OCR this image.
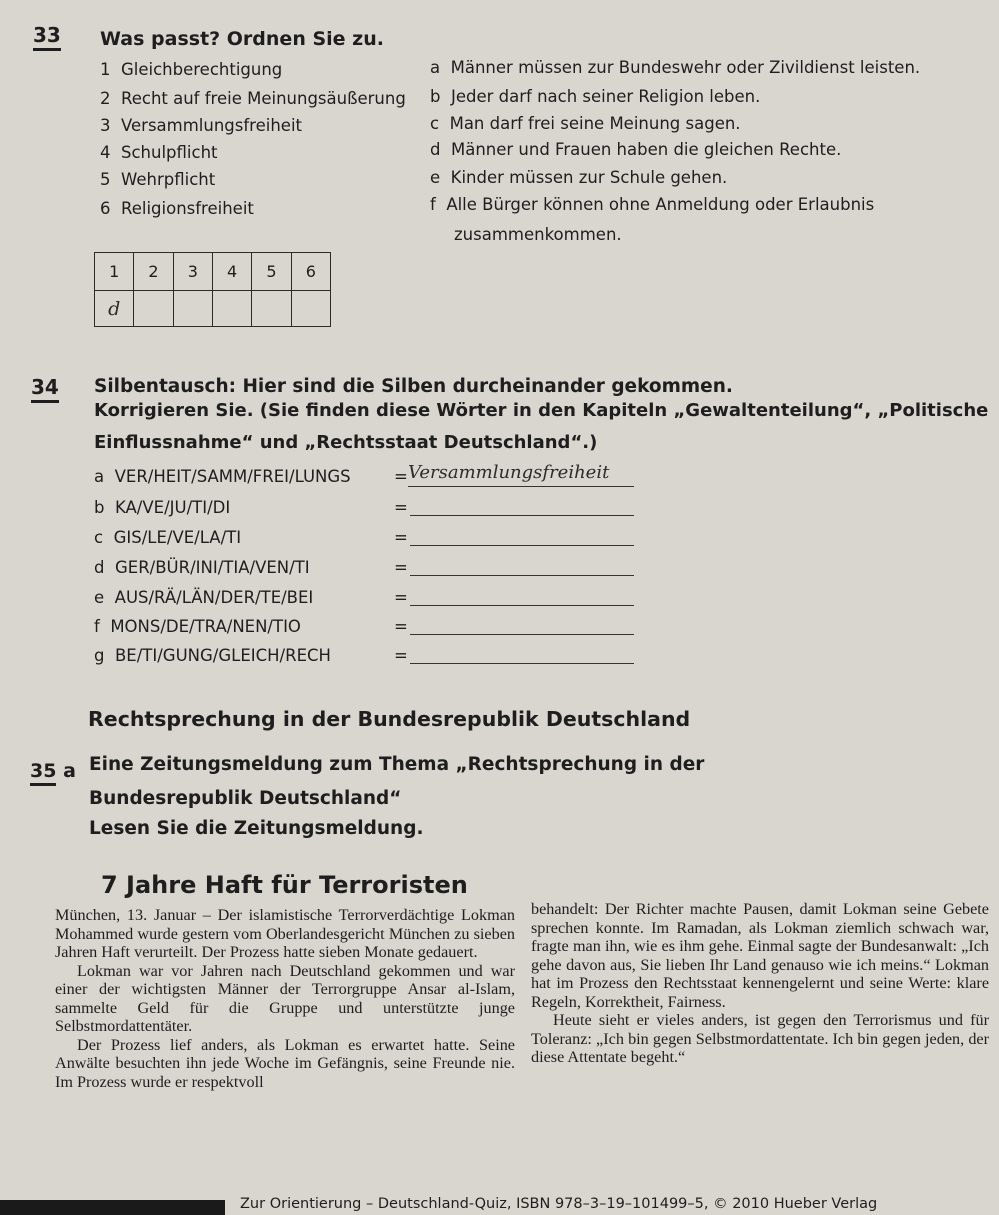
33 Was passt? Ordnen Sie zu.
1 Gleichberechtigung
2 Recht auf freie Meinungsäußerung
3 Versammlungsfreiheit
4 Schulpflicht
5 Wehrpflicht
6 Religionsfreiheit
a Männer müssen zur Bundeswehr oder Zivildienst leisten.
b Jeder darf nach seiner Religion leben.
c Man darf frei seine Meinung sagen.
d Männer und Frauen haben die gleichen Rechte.
e Kinder müssen zur Schule gehen.
f Alle Bürger können ohne Anmeldung oder Erlaubnis
zusammenkommen.
1	2	3	4	5	6
d					
34 Silbentausch: Hier sind die Silben durcheinander gekommen.
Korrigieren Sie. (Sie finden diese Wörter in den Kapiteln „Gewaltenteilung“, „Politische
Einflussnahme“ und „Rechtsstaat Deutschland“.)
a VER/HEIT/SAMM/FREI/LUNGS	= Versammlungsfreiheit
b KA/VE/JU/TI/DI	=
c GIS/LE/VE/LA/TI	=
d GER/BÜR/INI/TIA/VEN/TI	=
e AUS/RÄ/LÄN/DER/TE/BEI	=
f MONS/DE/TRA/NEN/TIO	=
g BE/TI/GUNG/GLEICH/RECH	=
Rechtsprechung in der Bundesrepublik Deutschland
35 a Eine Zeitungsmeldung zum Thema „Rechtsprechung in der
Bundesrepublik Deutschland“
Lesen Sie die Zeitungsmeldung.
7 Jahre Haft für Terroristen

München, 13. Januar – Der islamistische Terrorverdächtige Lokman Mohammed wurde gestern vom Oberlandesgericht München zu sieben Jahren Haft verurteilt. Der Prozess hatte sieben Monate gedauert.

Lokman war vor Jahren nach Deutschland gekommen und war einer der wichtigsten Männer der Terrorgruppe Ansar al-Islam, sammelte Geld für die Gruppe und unterstützte junge Selbstmordattentäter.

Der Prozess lief anders, als Lokman es erwartet hatte. Seine Anwälte besuchten ihn jede Woche im Gefängnis, seine Freunde nie. Im Prozess wurde er respektvoll

behandelt: Der Richter machte Pausen, damit Lokman seine Gebete sprechen konnte. Im Ramadan, als Lokman ziemlich schwach war, fragte man ihn, wie es ihm gehe. Einmal sagte der Bundesanwalt: „Ich gehe davon aus, Sie lieben Ihr Land genauso wie ich meins.“ Lokman hat im Prozess den Rechtsstaat kennengelernt und seine Werte: klare Regeln, Korrektheit, Fairness.

Heute sieht er vieles anders, ist gegen den Terrorismus und für Toleranz: „Ich bin gegen Selbstmordattentate. Ich bin gegen jeden, der diese Attentate begeht.“

Zur Orientierung – Deutschland-Quiz, ISBN 978–3–19–101499–5, © 2010 Hueber Verlag
